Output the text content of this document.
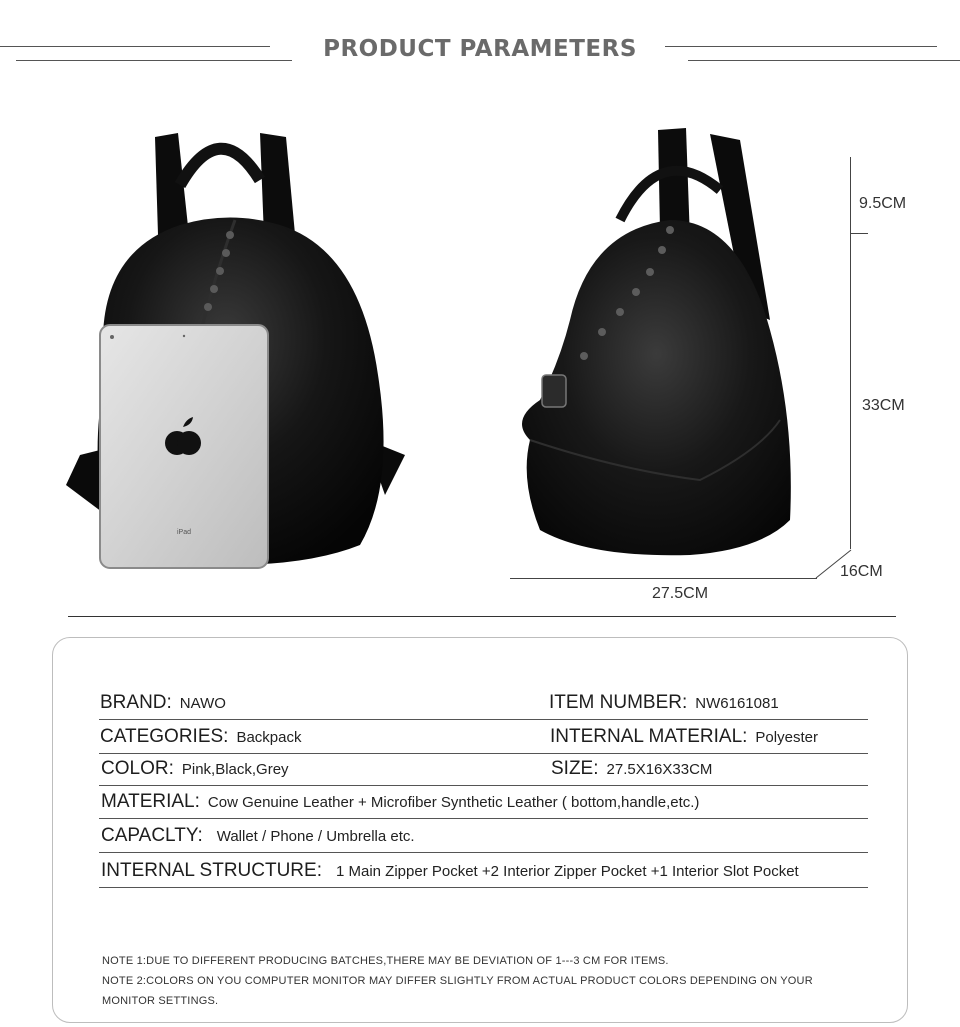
PRODUCT PARAMETERS
iPad
9.5CM
33CM
16CM
27.5CM
BRAND: NAWO	ITEM NUMBER: NW6161081
CATEGORIES: Backpack	INTERNAL MATERIAL: Polyester
COLOR: Pink,Black,Grey	SIZE: 27.5X16X33CM
MATERIAL: Cow Genuine Leather + Microfiber Synthetic Leather ( bottom,handle,etc.)
CAPACLTY: Wallet / Phone / Umbrella etc.
INTERNAL STRUCTURE: 1 Main Zipper Pocket +2 Interior Zipper Pocket +1 Interior Slot Pocket
NOTE 1:DUE TO DIFFERENT PRODUCING BATCHES,THERE MAY BE DEVIATION OF 1---3 CM FOR ITEMS.
NOTE 2:COLORS ON YOU COMPUTER MONITOR MAY DIFFER SLIGHTLY FROM ACTUAL PRODUCT COLORS DEPENDING ON YOUR MONITOR SETTINGS.
